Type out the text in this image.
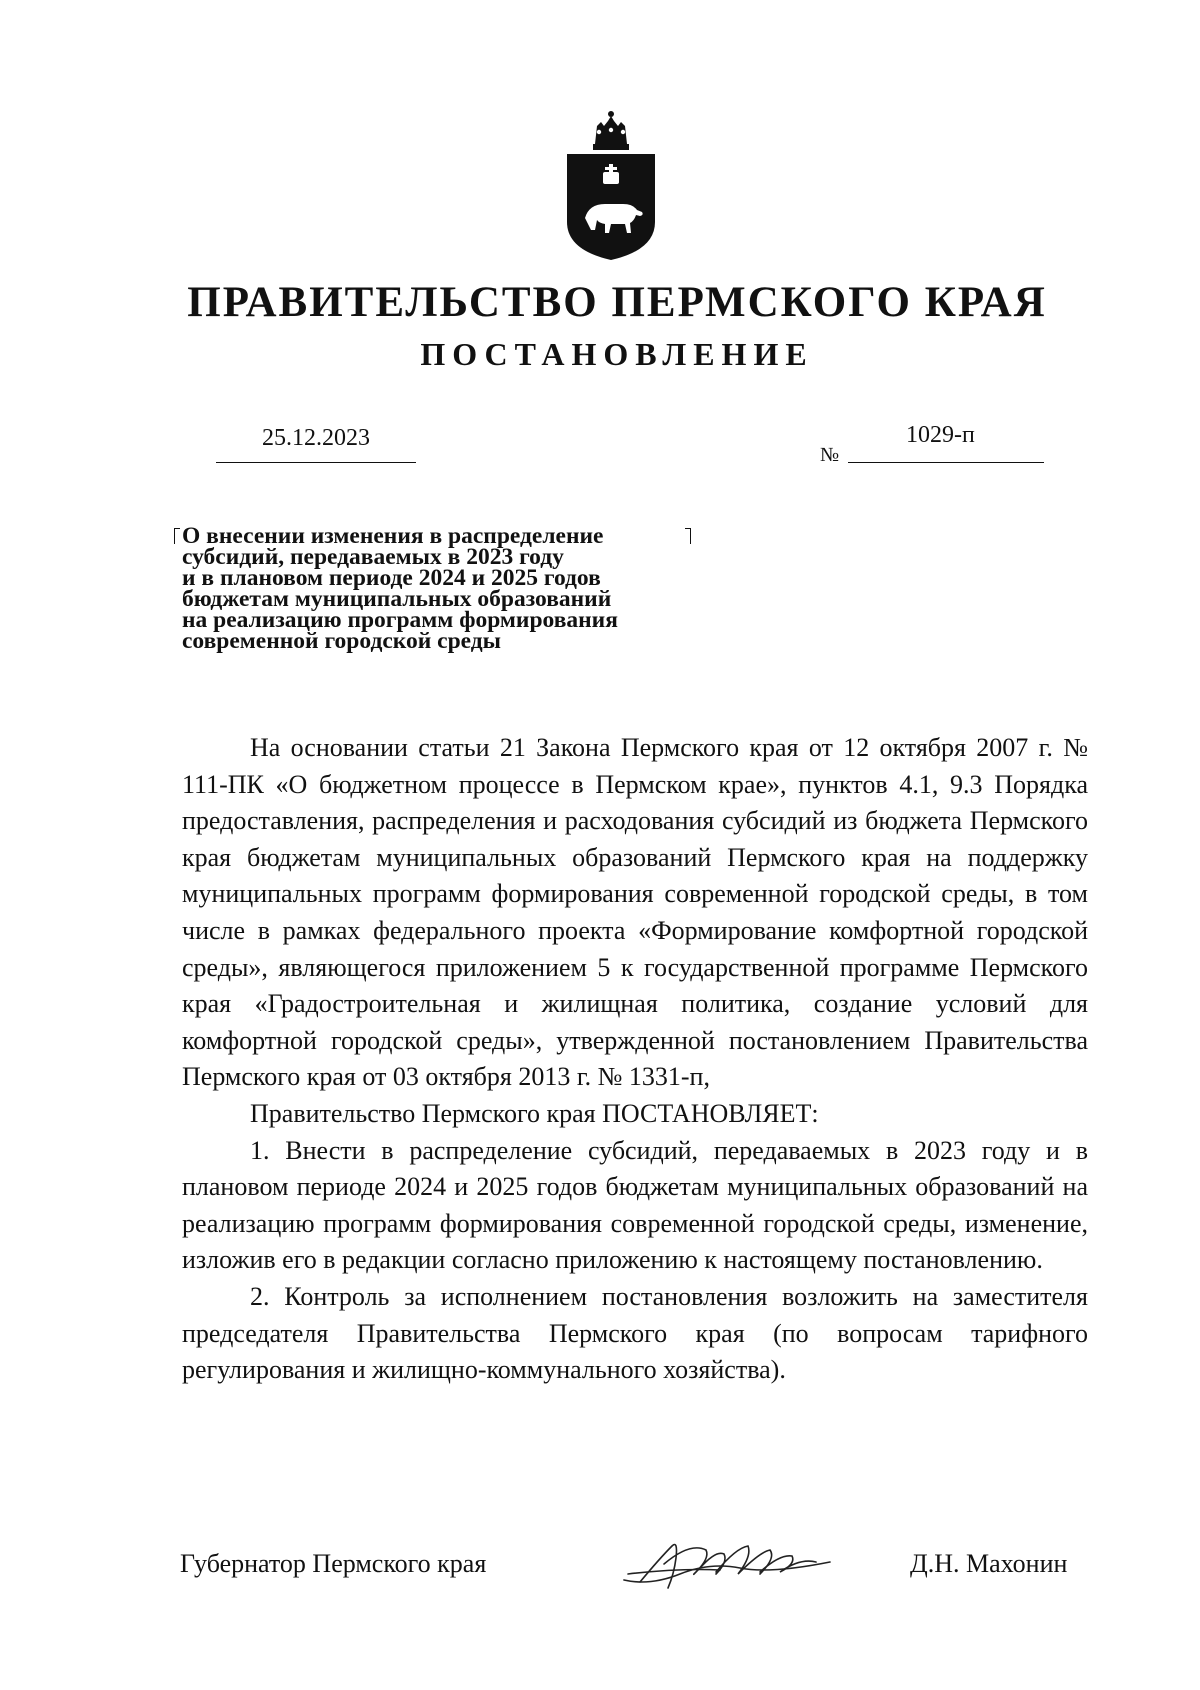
ПРАВИТЕЛЬСТВО ПЕРМСКОГО КРАЯ
ПОСТАНОВЛЕНИЕ
25.12.2023
№
1029-п
О внесении изменения в распределение
субсидий, передаваемых в 2023 году
и в плановом периоде 2024 и 2025 годов
бюджетам муниципальных образований
на реализацию программ формирования
современной городской среды

На основании статьи 21 Закона Пермского края от 12 октября 2007 г. № 111-ПК «О бюджетном процессе в Пермском крае», пунктов 4.1, 9.3 Порядка предоставления, распределения и расходования субсидий из бюджета Пермского края бюджетам муниципальных образований Пермского края на поддержку муниципальных программ формирования современной городской среды, в том числе в рамках федерального проекта «Формирование комфортной городской среды», являющегося приложением 5 к государственной программе Пермского края «Градостроительная и жилищная политика, создание условий для комфортной городской среды», утвержденной постановлением Правительства Пермского края от 03 октября 2013 г. № 1331-п,

Правительство Пермского края ПОСТАНОВЛЯЕТ:

1. Внести в распределение субсидий, передаваемых в 2023 году и в плановом периоде 2024 и 2025 годов бюджетам муниципальных образований на реализацию программ формирования современной городской среды, изменение, изложив его в редакции согласно приложению к настоящему постановлению.

2. Контроль за исполнением постановления возложить на заместителя председателя Правительства Пермского края (по вопросам тарифного регулирования и жилищно-коммунального хозяйства).

Губернатор Пермского края	Д.Н. Махонин
